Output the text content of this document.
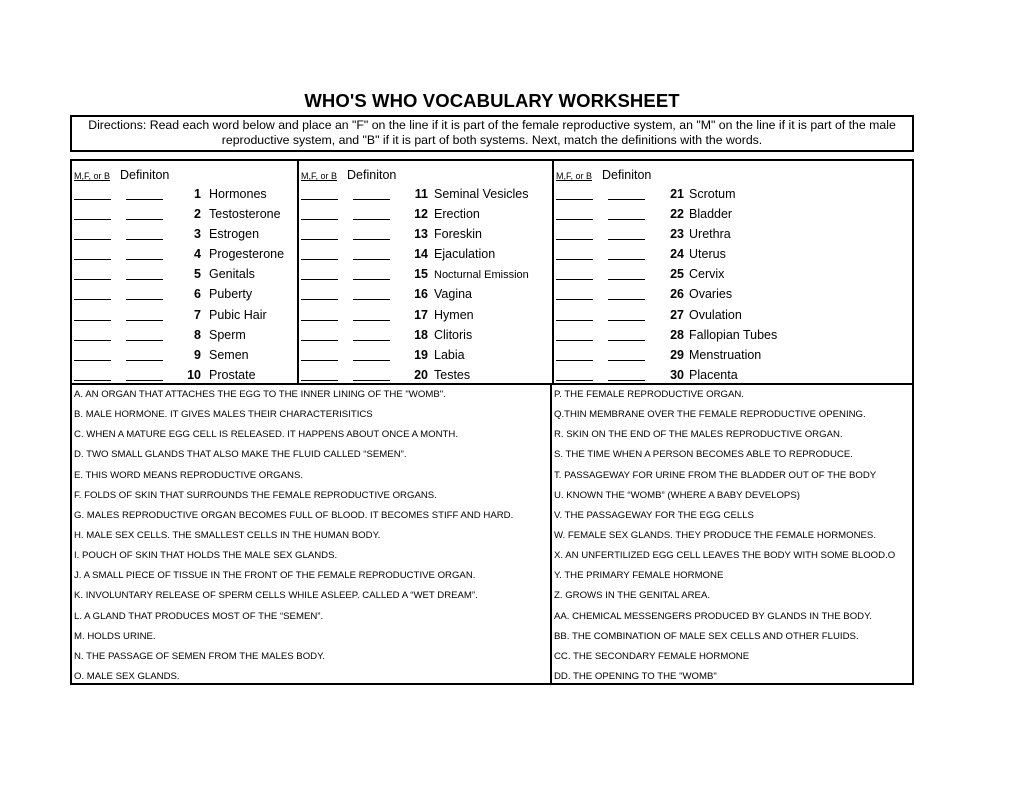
WHO'S WHO VOCABULARY WORKSHEET
Directions: Read each word below and place an "F" on the line if it is part of the female reproductive system, an "M" on the line if it is part of the male reproductive system, and "B" if it is part of both systems. Next, match the definitions with the words.
M,F, or B Definiton
1 Hormones
2 Testosterone
3 Estrogen
4 Progesterone
5 Genitals
6 Puberty
7 Pubic Hair
8 Sperm
9 Semen
10 Prostate
M,F, or B Definiton
11 Seminal Vesicles
12 Erection
13 Foreskin
14 Ejaculation
15 Nocturnal Emission
16 Vagina
17 Hymen
18 Clitoris
19 Labia
20 Testes
M,F, or B Definiton
21 Scrotum
22 Bladder
23 Urethra
24 Uterus
25 Cervix
26 Ovaries
27 Ovulation
28 Fallopian Tubes
29 Menstruation
30 Placenta
A. AN ORGAN THAT ATTACHES THE EGG TO THE INNER LINING OF THE "WOMB".
B. MALE HORMONE. IT GIVES MALES THEIR CHARACTERISITICS
C. WHEN A MATURE EGG CELL IS RELEASED. IT HAPPENS ABOUT ONCE A MONTH.
D. TWO SMALL GLANDS THAT ALSO MAKE THE FLUID CALLED “SEMEN”.
E. THIS WORD MEANS REPRODUCTIVE ORGANS.
F. FOLDS OF SKIN THAT SURROUNDS THE FEMALE REPRODUCTIVE ORGANS.
G. MALES REPRODUCTIVE ORGAN BECOMES FULL OF BLOOD. IT BECOMES STIFF AND HARD.
H. MALE SEX CELLS. THE SMALLEST CELLS IN THE HUMAN BODY.
I. POUCH OF SKIN THAT HOLDS THE MALE SEX GLANDS.
J. A SMALL PIECE OF TISSUE IN THE FRONT OF THE FEMALE REPRODUCTIVE ORGAN.
K. INVOLUNTARY RELEASE OF SPERM CELLS WHILE ASLEEP. CALLED A “WET DREAM”.
L. A GLAND THAT PRODUCES MOST OF THE “SEMEN”.
M. HOLDS URINE.
N. THE PASSAGE OF SEMEN FROM THE MALES BODY.
O. MALE SEX GLANDS.
P. THE FEMALE REPRODUCTIVE ORGAN.
Q.THIN MEMBRANE OVER THE FEMALE REPRODUCTIVE OPENING.
R. SKIN ON THE END OF THE MALES REPRODUCTIVE ORGAN.
S. THE TIME WHEN A PERSON BECOMES ABLE TO REPRODUCE.
T. PASSAGEWAY FOR URINE FROM THE BLADDER OUT OF THE BODY
U. KNOWN THE “WOMB” (WHERE A BABY DEVELOPS)
V. THE PASSAGEWAY FOR THE EGG CELLS
W. FEMALE SEX GLANDS. THEY PRODUCE THE FEMALE HORMONES.
X. AN UNFERTILIZED EGG CELL LEAVES THE BODY WITH SOME BLOOD.O
Y. THE PRIMARY FEMALE HORMONE
Z. GROWS IN THE GENITAL AREA.
AA. CHEMICAL MESSENGERS PRODUCED BY GLANDS IN THE BODY.
BB. THE COMBINATION OF MALE SEX CELLS AND OTHER FLUIDS.
CC. THE SECONDARY FEMALE HORMONE
DD. THE OPENING TO THE "WOMB"
